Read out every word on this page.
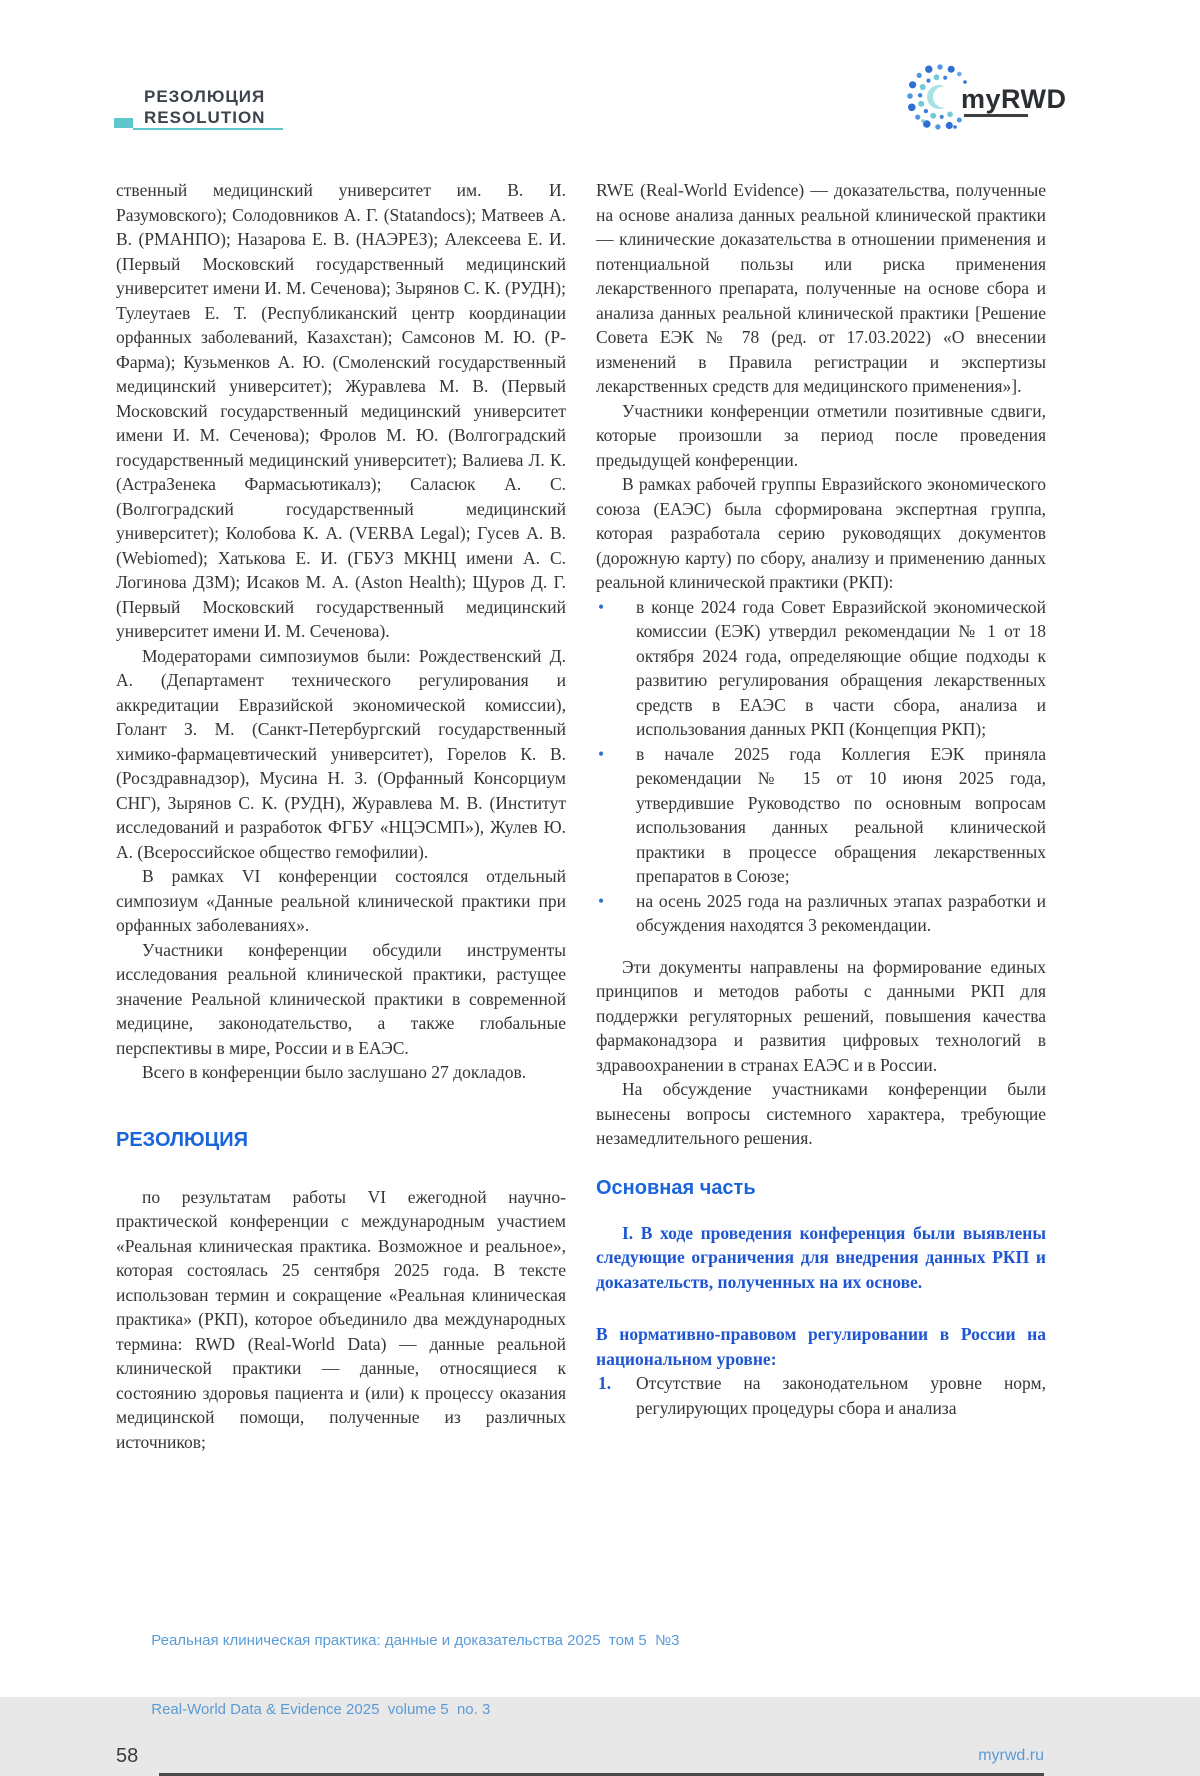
РЕЗОЛЮЦИЯ
RESOLUTION
myRWD

ственный медицинский университет им. В. И. Разумовского); Солодовников А. Г. (Statandocs); Матвеев А. В. (РМАНПО); Назарова Е. В. (НАЭРЕЗ); Алексеева Е. И. (Первый Московский государственный медицинский университет имени И. М. Сеченова); Зырянов С. К. (РУДН); Тулеутаев Е. Т. (Республиканский центр координации орфанных заболеваний, Казахстан); Самсонов М. Ю. (Р-Фарма); Кузьменков А. Ю. (Смоленский государственный медицинский университет); Журавлева М. В. (Первый Московский государственный медицинский университет имени И. М. Сеченова); Фролов М. Ю. (Волгоградский государственный медицинский университет); Валиева Л. К. (АстраЗенека Фармасьютикалз); Саласюк А. С. (Волгоградский государственный медицинский университет); Колобова К. А. (VERBA Legal); Гусев А. В. (Webiomed); Хатькова Е. И. (ГБУЗ МКНЦ имени А. С. Логинова ДЗМ); Исаков М. А. (Aston Health); Щуров Д. Г. (Первый Московский государственный медицинский университет имени И. М. Сеченова).

Модераторами симпозиумов были: Рождественский Д. А. (Департамент технического регулирования и аккредитации Евразийской экономической комиссии), Голант З. М. (Санкт-Петербургский государственный химико-фармацевтический университет), Горелов К. В. (Росздравнадзор), Мусина Н. З. (Орфанный Консорциум СНГ), Зырянов С. К. (РУДН), Журавлева М. В. (Институт исследований и разработок ФГБУ «НЦЭСМП»), Жулев Ю. А. (Всероссийское общество гемофилии).

В рамках VI конференции состоялся отдельный симпозиум «Данные реальной клинической практики при орфанных заболеваниях».

Участники конференции обсудили инструменты исследования реальной клинической практики, растущее значение Реальной клинической практики в современной медицине, законодательство, а также глобальные перспективы в мире, России и в ЕАЭС.

Всего в конференции было заслушано 27 докладов.

РЕЗОЛЮЦИЯ

по результатам работы VI ежегодной научно-практической конференции с международным участием «Реальная клиническая практика. Возможное и реальное», которая состоялась 25 сентября 2025 года. В тексте использован термин и сокращение «Реальная клиническая практика» (РКП), которое объединило два международных термина: RWD (Real-World Data) — данные реальной клинической практики — данные, относящиеся к состоянию здоровья пациента и (или) к процессу оказания медицинской помощи, полученные из различных источников;

RWE (Real-World Evidence) — доказательства, полученные на основе анализа данных реальной клинической практики — клинические доказательства в отношении применения и потенциальной пользы или риска применения лекарственного препарата, полученные на основе сбора и анализа данных реальной клинической практики [Решение Совета ЕЭК № 78 (ред. от 17.03.2022) «О внесении изменений в Правила регистрации и экспертизы лекарственных средств для медицинского применения»].

Участники конференции отметили позитивные сдвиги, которые произошли за период после проведения предыдущей конференции.

В рамках рабочей группы Евразийского экономического союза (ЕАЭС) была сформирована экспертная группа, которая разработала серию руководящих документов (дорожную карту) по сбору, анализу и применению данных реальной клинической практики (РКП):

• в конце 2024 года Совет Евразийской экономической комиссии (ЕЭК) утвердил рекомендации № 1 от 18 октября 2024 года, определяющие общие подходы к развитию регулирования обращения лекарственных средств в ЕАЭС в части сбора, анализа и использования данных РКП (Концепция РКП);
• в начале 2025 года Коллегия ЕЭК приняла рекомендации № 15 от 10 июня 2025 года, утвердившие Руководство по основным вопросам использования данных реальной клинической практики в процессе обращения лекарственных препаратов в Союзе;
• на осень 2025 года на различных этапах разработки и обсуждения находятся 3 рекомендации.

Эти документы направлены на формирование единых принципов и методов работы с данными РКП для поддержки регуляторных решений, повышения качества фармаконадзора и развития цифровых технологий в здравоохранении в странах ЕАЭС и в России.

На обсуждение участниками конференции были вынесены вопросы системного характера, требующие незамедлительного решения.

Основная часть

I. В ходе проведения конференция были выявлены следующие ограничения для внедрения данных РКП и доказательств, полученных на их основе.

В нормативно-правовом регулировании в России на национальном уровне:

1. Отсутствие на законодательном уровне норм, регулирующих процедуры сбора и анализа
58

Реальная клиническая практика: данные и доказательства 2025  том 5  №3

Real-World Data & Evidence 2025  volume 5  no. 3

myrwd.ru
